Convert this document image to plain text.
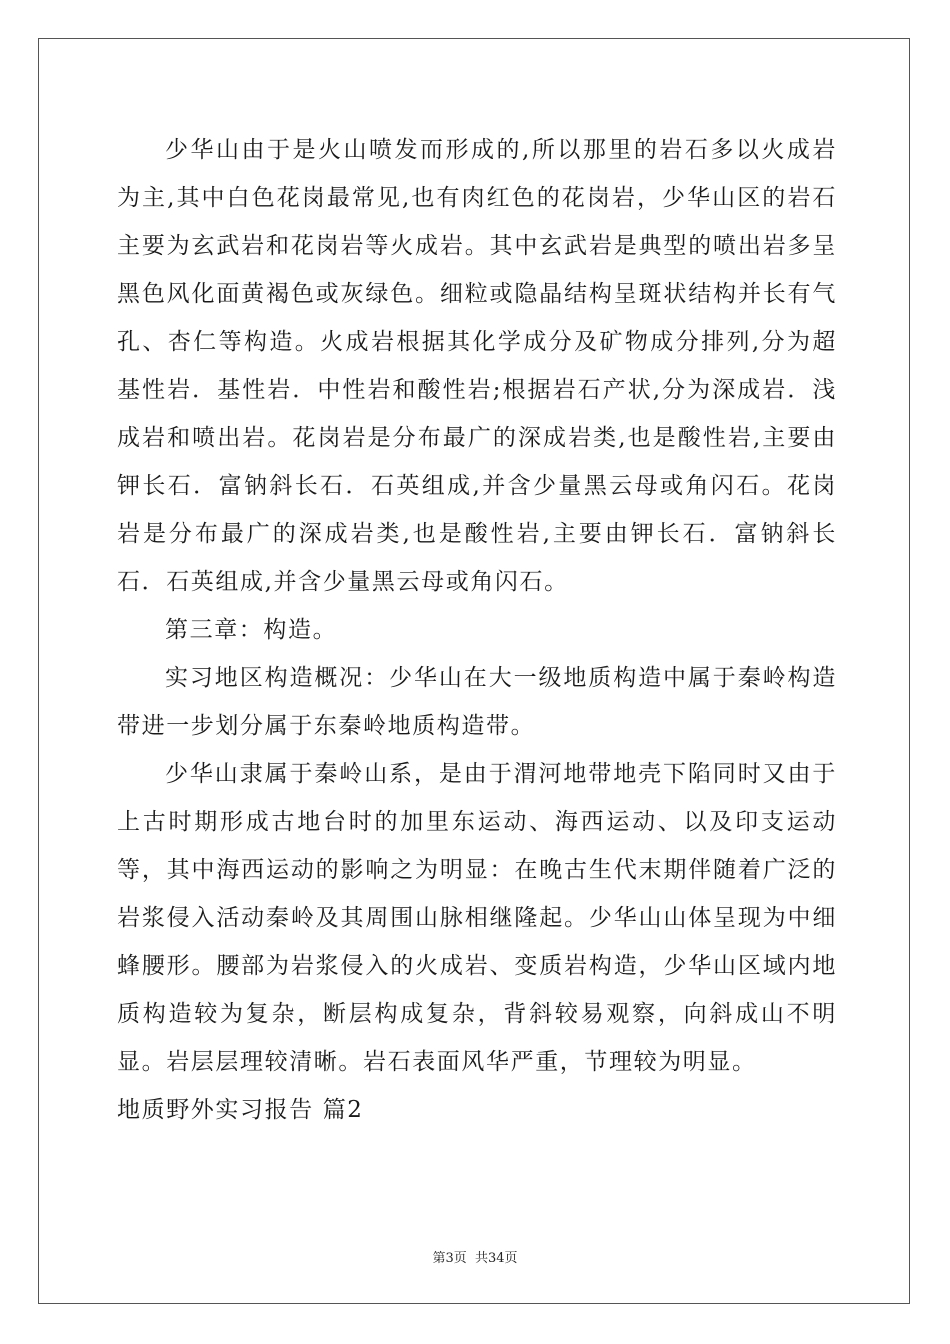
少华山由于是火山喷发而形成的,所以那里的岩石多以火成岩为主,其中白色花岗最常见,也有肉红色的花岗岩，少华山区的岩石主要为玄武岩和花岗岩等火成岩。其中玄武岩是典型的喷出岩多呈黑色风化面黄褐色或灰绿色。细粒或隐晶结构呈斑状结构并长有气孔、杏仁等构造。火成岩根据其化学成分及矿物成分排列,分为超基性岩．基性岩．中性岩和酸性岩;根据岩石产状,分为深成岩．浅成岩和喷出岩。花岗岩是分布最广的深成岩类,也是酸性岩,主要由钾长石．富钠斜长石．石英组成,并含少量黑云母或角闪石。花岗岩是分布最广的深成岩类,也是酸性岩,主要由钾长石．富钠斜长石．石英组成,并含少量黑云母或角闪石。

第三章：构造。

实习地区构造概况：少华山在大一级地质构造中属于秦岭构造带进一步划分属于东秦岭地质构造带。

少华山隶属于秦岭山系，是由于渭河地带地壳下陷同时又由于上古时期形成古地台时的加里东运动、海西运动、以及印支运动等，其中海西运动的影响之为明显：在晚古生代末期伴随着广泛的岩浆侵入活动秦岭及其周围山脉相继隆起。少华山山体呈现为中细蜂腰形。腰部为岩浆侵入的火成岩、变质岩构造，少华山区域内地质构造较为复杂，断层构成复杂，背斜较易观察，向斜成山不明显。岩层层理较清晰。岩石表面风华严重，节理较为明显。

地质野外实习报告 篇2

第3页 共34页
